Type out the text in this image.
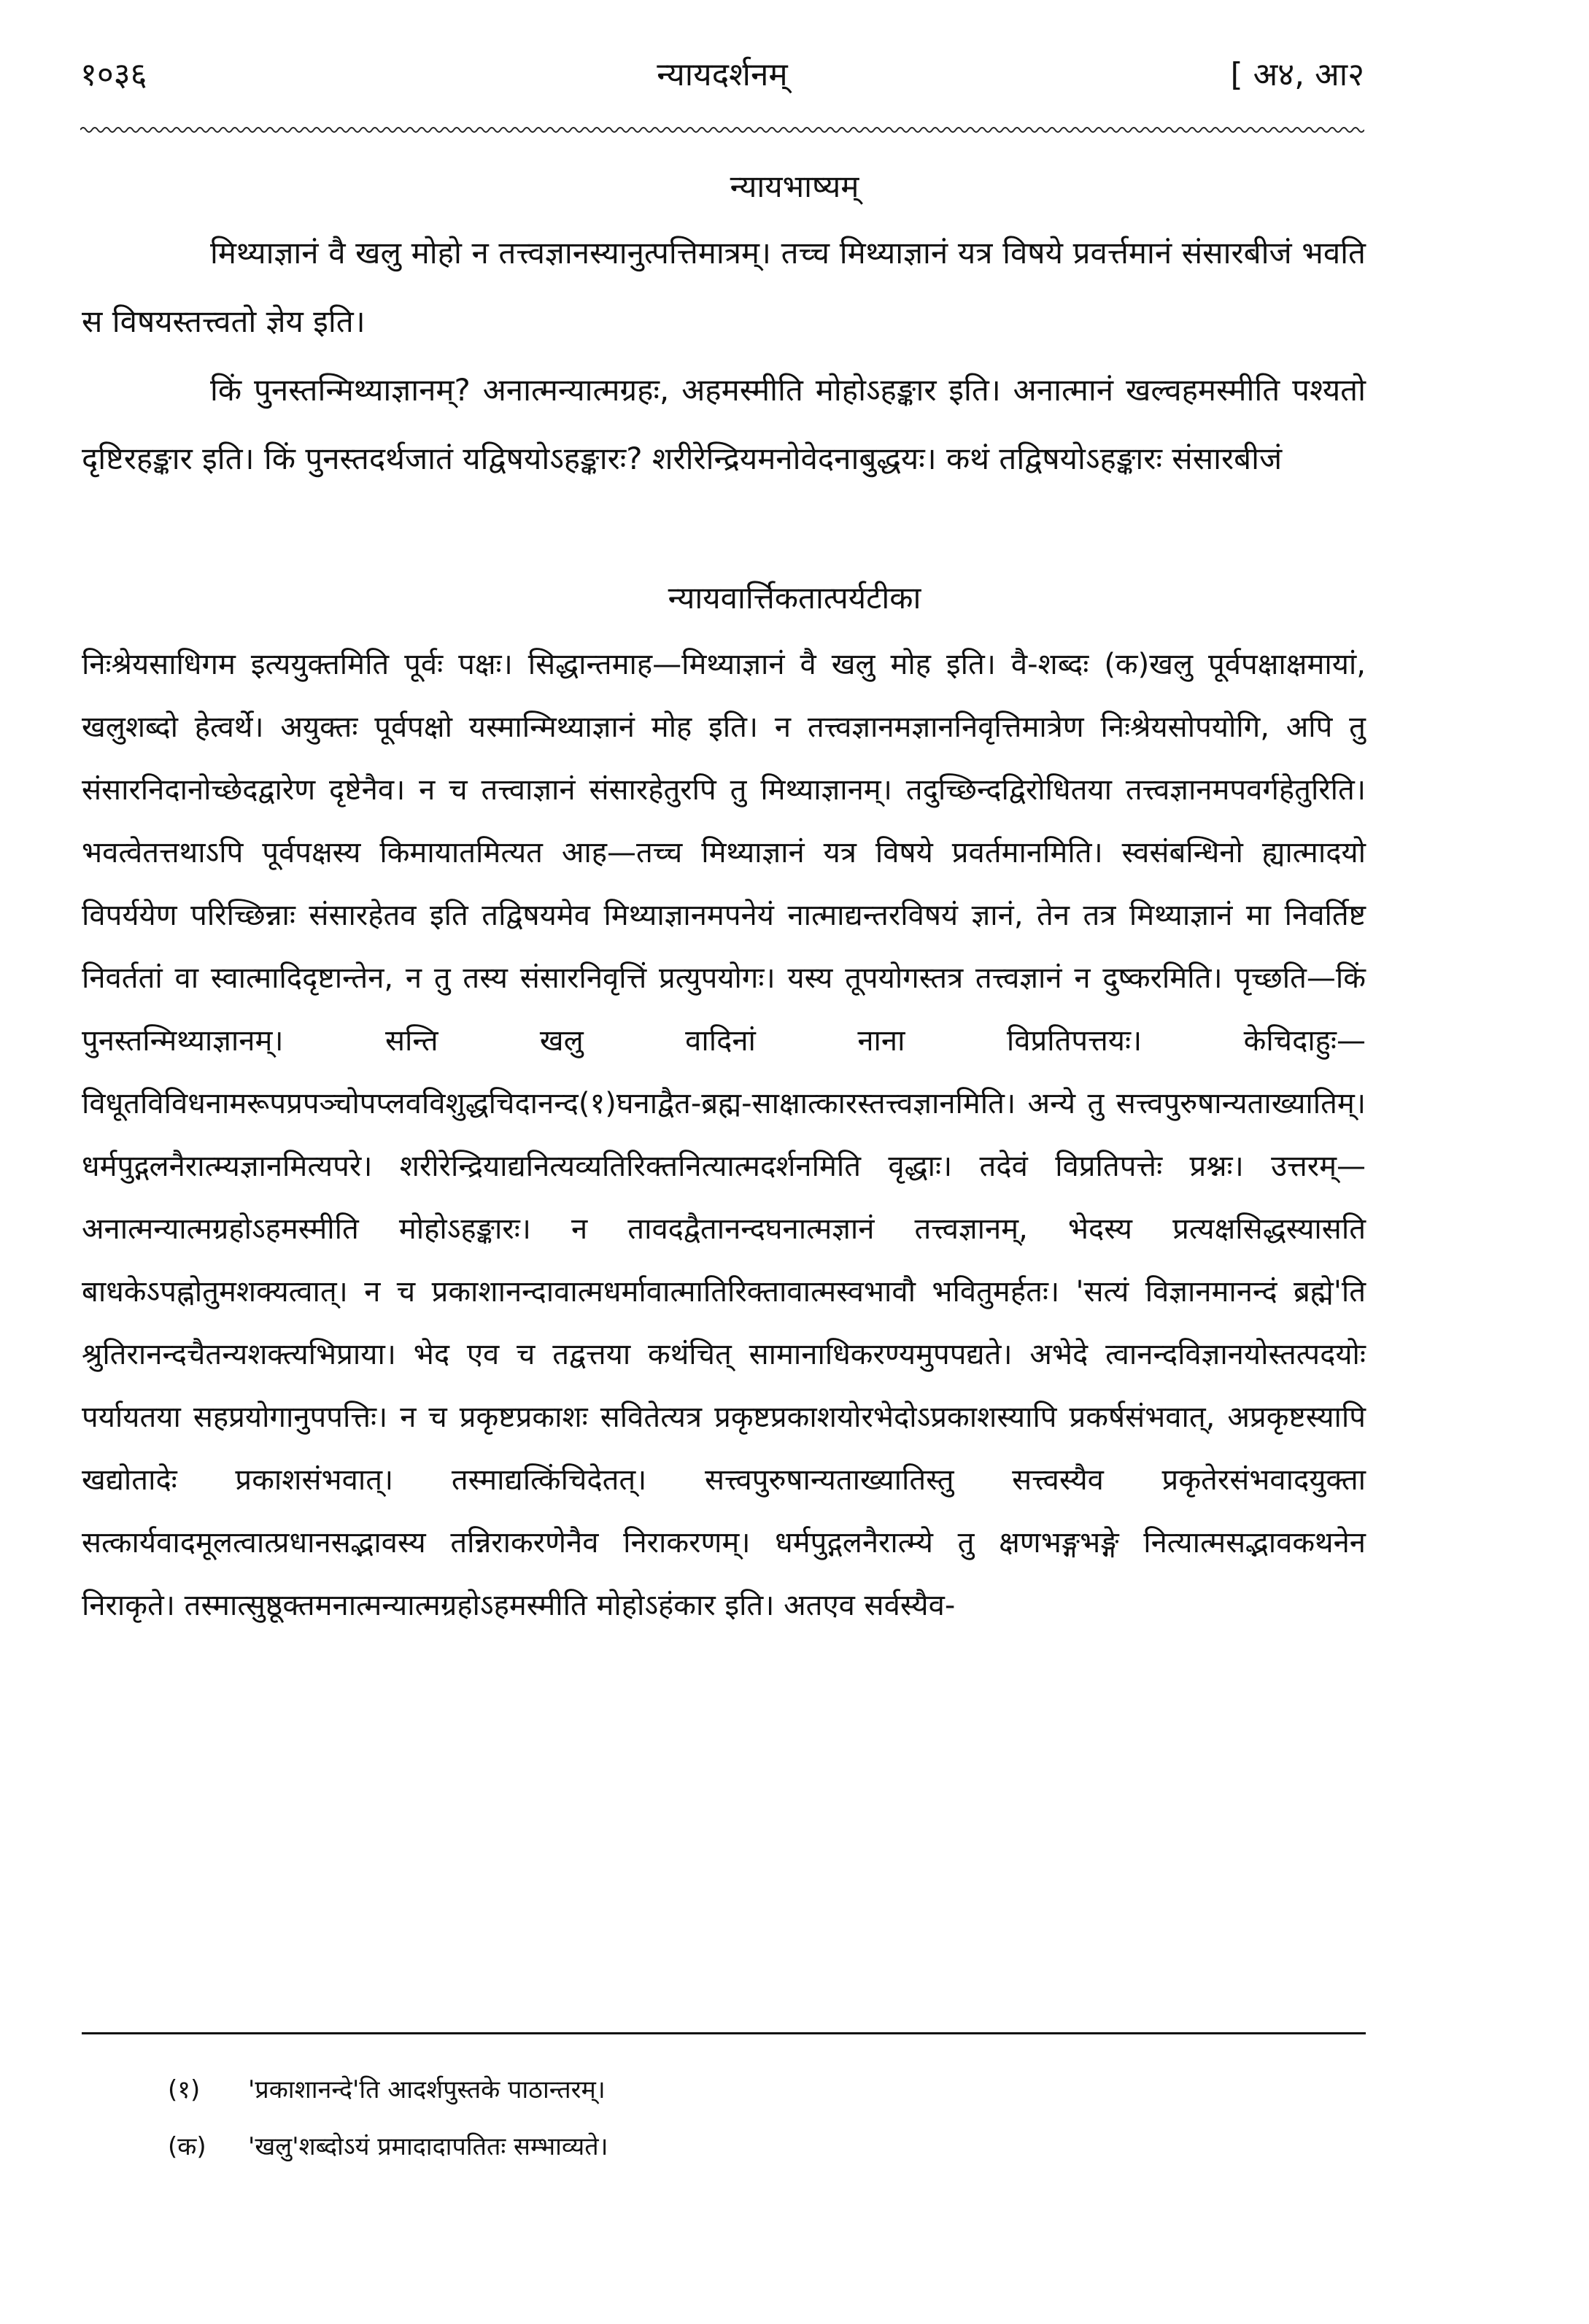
१०३६	न्यायदर्शनम्	[ अ४, आ२
न्यायभाष्यम्
मिथ्याज्ञानं वै खलु मोहो न तत्त्वज्ञानस्यानुत्पत्तिमात्रम्। तच्च मिथ्याज्ञानं यत्र विषये प्रवर्त्तमानं संसारबीजं भवति स विषयस्तत्त्वतो ज्ञेय इति।
किं पुनस्तन्मिथ्याज्ञानम्? अनात्मन्यात्मग्रहः, अहमस्मीति मोहोऽहङ्कार इति। अनात्मानं खल्वहमस्मीति पश्यतो दृष्टिरहङ्कार इति। किं पुनस्तदर्थजातं यद्विषयोऽहङ्कारः? शरीरेन्द्रियमनोवेदनाबुद्धयः। कथं तद्विषयोऽहङ्कारः संसारबीजं
न्यायवार्त्तिकतात्पर्यटीका
निःश्रेयसाधिगम इत्ययुक्तमिति पूर्वः पक्षः। सिद्धान्तमाह—मिथ्याज्ञानं वै खलु मोह इति। वै-शब्दः (क)खलु पूर्वपक्षाक्षमायां, खलुशब्दो हेत्वर्थे। अयुक्तः पूर्वपक्षो यस्मान्मिथ्याज्ञानं मोह इति। न तत्त्वज्ञानमज्ञाननिवृत्तिमात्रेण निःश्रेयसोपयोगि, अपि तु संसारनिदानोच्छेदद्वारेण दृष्टेनैव। न च तत्त्वाज्ञानं संसारहेतुरपि तु मिथ्याज्ञानम्। तदुच्छिन्दद्विरोधितया तत्त्वज्ञानमपवर्गहेतुरिति। भवत्वेतत्तथाऽपि पूर्वपक्षस्य किमायातमित्यत आह—तच्च मिथ्याज्ञानं यत्र विषये प्रवर्तमानमिति। स्वसंबन्धिनो ह्यात्मादयो विपर्ययेण परिच्छिन्नाः संसारहेतव इति तद्विषयमेव मिथ्याज्ञानमपनेयं नात्माद्यन्तरविषयं ज्ञानं, तेन तत्र मिथ्याज्ञानं मा निवर्तिष्ट निवर्ततां वा स्वात्मादिदृष्टान्तेन, न तु तस्य संसारनिवृत्तिं प्रत्युपयोगः। यस्य तूपयोगस्तत्र तत्त्वज्ञानं न दुष्करमिति। पृच्छति—किं पुनस्तन्मिथ्याज्ञानम्। सन्ति खलु वादिनां नाना विप्रतिपत्तयः। केचिदाहुः—विधूतविविधनामरूपप्रपञ्चोपप्लवविशुद्धचिदानन्द(१)घनाद्वैत-ब्रह्म-साक्षात्कारस्तत्त्वज्ञानमिति। अन्ये तु सत्त्वपुरुषान्यताख्यातिम्। धर्मपुद्गलनैरात्म्यज्ञानमित्यपरे। शरीरेन्द्रियाद्यनित्यव्यतिरिक्तनित्यात्मदर्शनमिति वृद्धाः। तदेवं विप्रतिपत्तेः प्रश्नः। उत्तरम्—अनात्मन्यात्मग्रहोऽहमस्मीति मोहोऽहङ्कारः। न तावदद्वैतानन्दघनात्मज्ञानं तत्त्वज्ञानम्, भेदस्य प्रत्यक्षसिद्धस्यासति बाधकेऽपह्नोतुमशक्यत्वात्। न च प्रकाशानन्दावात्मधर्मावात्मातिरिक्तावात्मस्वभावौ भवितुमर्हतः। 'सत्यं विज्ञानमानन्दं ब्रह्मे'ति श्रुतिरानन्दचैतन्यशक्त्यभिप्राया। भेद एव च तद्वत्तया कथंचित् सामानाधिकरण्यमुपपद्यते। अभेदे त्वानन्दविज्ञानयोस्तत्पदयोः पर्यायतया सहप्रयोगानुपपत्तिः। न च प्रकृष्टप्रकाशः सवितेत्यत्र प्रकृष्टप्रकाशयोरभेदोऽप्रकाशस्यापि प्रकर्षसंभवात्, अप्रकृष्टस्यापि खद्योतादेः प्रकाशसंभवात्। तस्माद्यत्किंचिदेतत्। सत्त्वपुरुषान्यताख्यातिस्तु सत्त्वस्यैव प्रकृतेरसंभवादयुक्ता सत्कार्यवादमूलत्वात्प्रधानसद्भावस्य तन्निराकरणेनैव निराकरणम्। धर्मपुद्गलनैरात्म्ये तु क्षणभङ्गभङ्गे नित्यात्मसद्भावकथनेन निराकृते। तस्मात्सुष्ठूक्तमनात्मन्यात्मग्रहोऽहमस्मीति मोहोऽहंकार इति। अतएव सर्वस्यैव-
(१) 'प्रकाशानन्दे'ति आदर्शपुस्तके पाठान्तरम्।
(क) 'खलु'शब्दोऽयं प्रमादादापतितः सम्भाव्यते।
